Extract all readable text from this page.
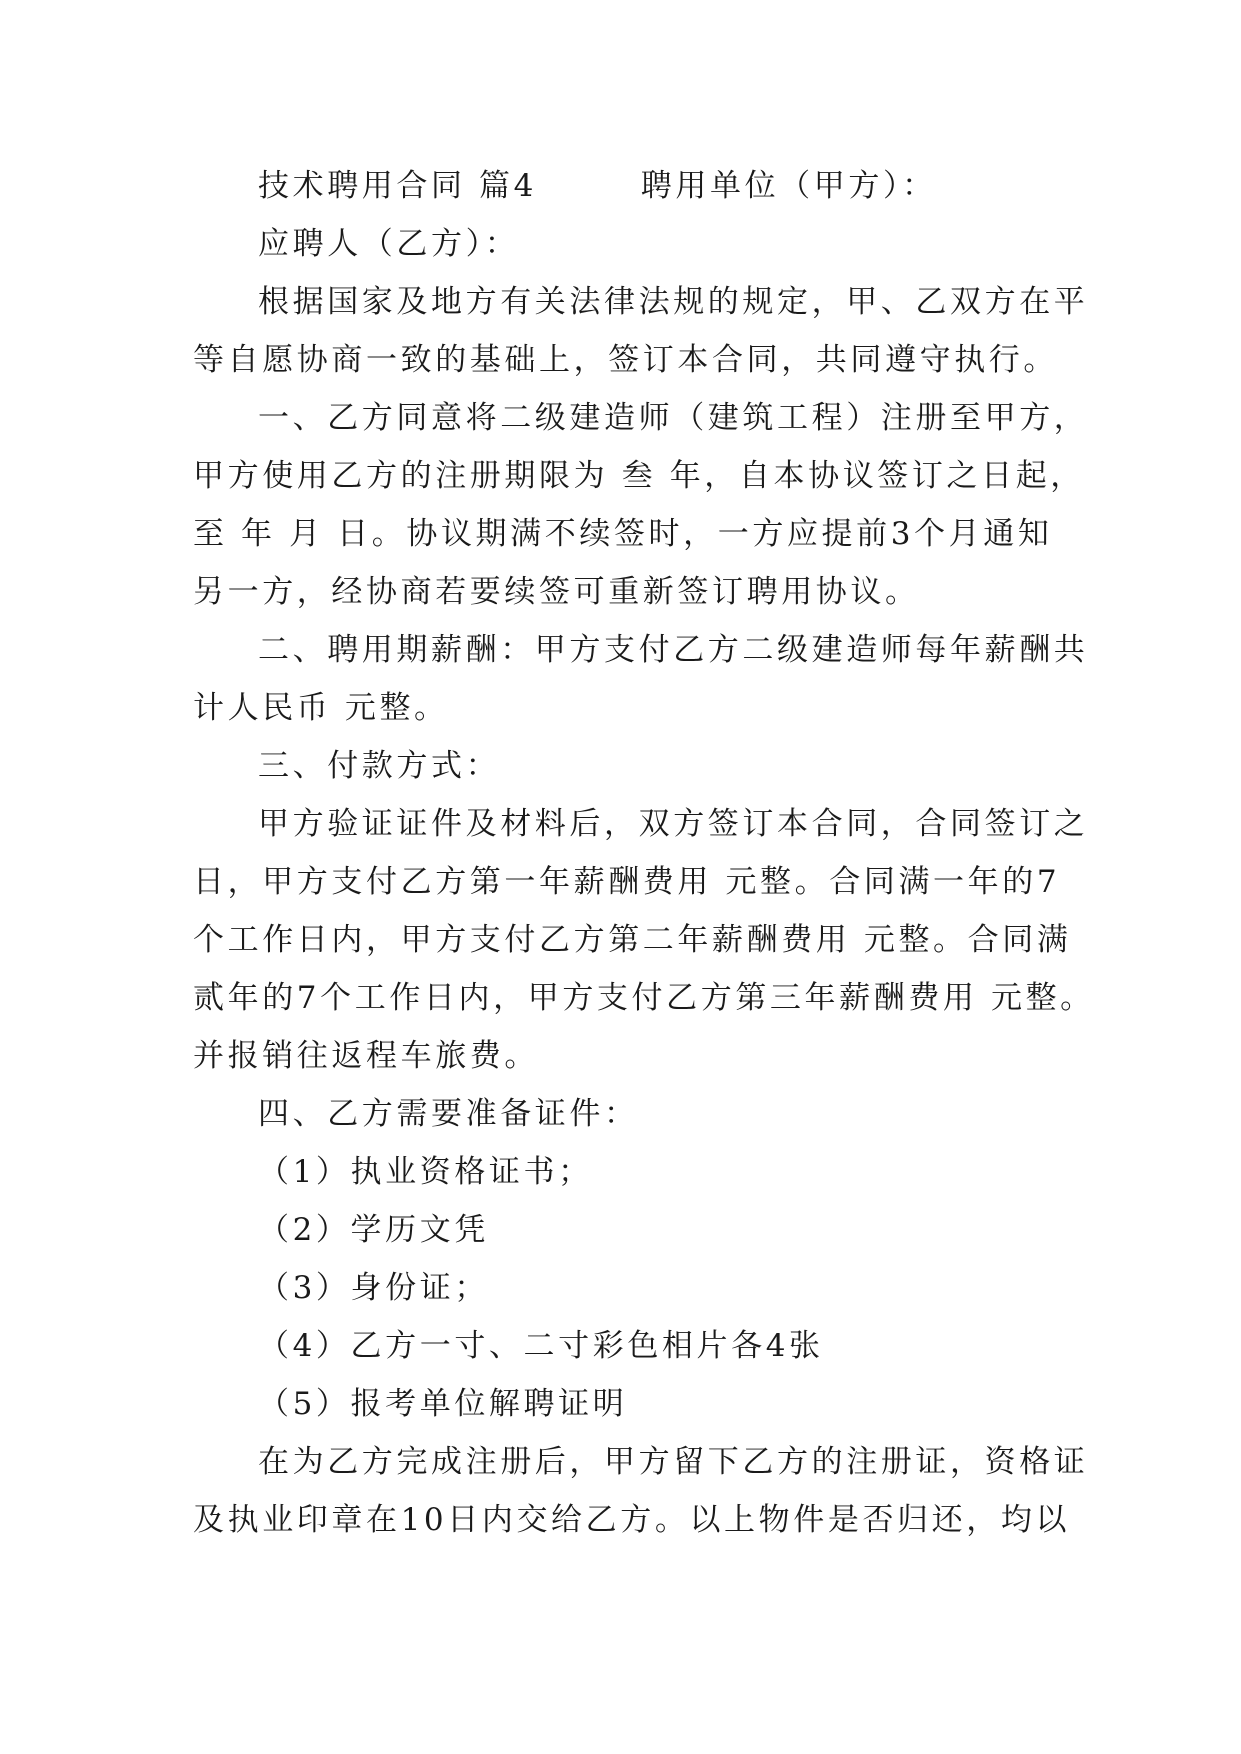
技术聘用合同 篇4　　　聘用单位（甲方）：
应聘人（乙方）：
根据国家及地方有关法律法规的规定，甲、乙双方在平
等自愿协商一致的基础上，签订本合同，共同遵守执行。
一、乙方同意将二级建造师（建筑工程）注册至甲方，
甲方使用乙方的注册期限为 叁 年，自本协议签订之日起，
至 年 月 日。协议期满不续签时，一方应提前3个月通知
另一方，经协商若要续签可重新签订聘用协议。
二、聘用期薪酬：甲方支付乙方二级建造师每年薪酬共
计人民币 元整。
三、付款方式：
甲方验证证件及材料后，双方签订本合同，合同签订之
日，甲方支付乙方第一年薪酬费用 元整。合同满一年的7
个工作日内，甲方支付乙方第二年薪酬费用 元整。合同满
贰年的7个工作日内，甲方支付乙方第三年薪酬费用 元整。
并报销往返程车旅费。
四、乙方需要准备证件：
（1）执业资格证书；
（2）学历文凭
（3）身份证；
（4）乙方一寸、二寸彩色相片各4张
（5）报考单位解聘证明
在为乙方完成注册后，甲方留下乙方的注册证，资格证
及执业印章在10日内交给乙方。以上物件是否归还，均以
